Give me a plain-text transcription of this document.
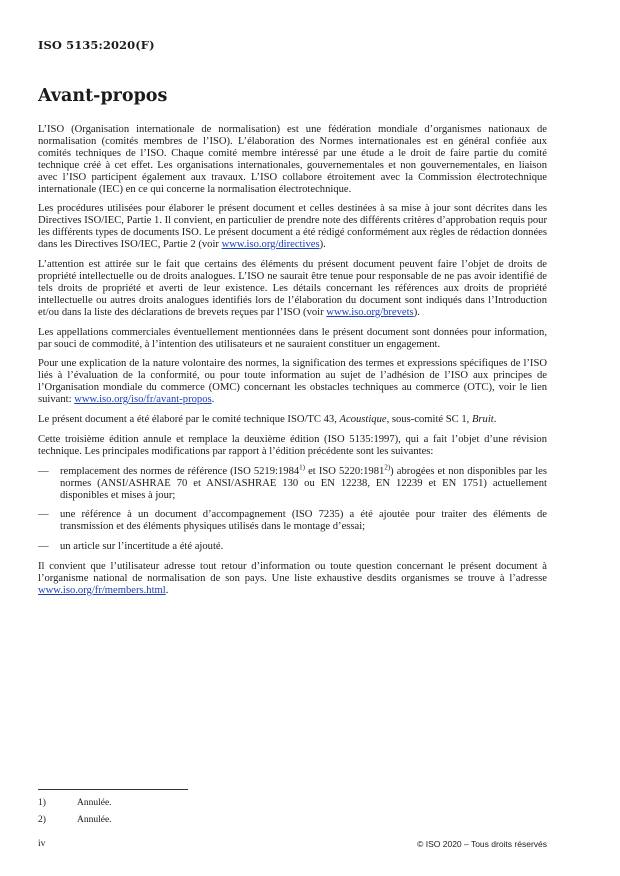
ISO 5135:2020(F)
Avant-propos

L’ISO (Organisation internationale de normalisation) est une fédération mondiale d’organismes nationaux de normalisation (comités membres de l’ISO). L’élaboration des Normes internationales est en général confiée aux comités techniques de l’ISO. Chaque comité membre intéressé par une étude a le droit de faire partie du comité technique créé à cet effet. Les organisations internationales, gouvernementales et non gouvernementales, en liaison avec l’ISO participent également aux travaux. L’ISO collabore étroitement avec la Commission électrotechnique internationale (IEC) en ce qui concerne la normalisation électrotechnique.

Les procédures utilisées pour élaborer le présent document et celles destinées à sa mise à jour sont décrites dans les Directives ISO/IEC, Partie 1. Il convient, en particulier de prendre note des différents critères d’approbation requis pour les différents types de documents ISO. Le présent document a été rédigé conformément aux règles de rédaction données dans les Directives ISO/IEC, Partie 2 (voir www.iso.org/directives).

L’attention est attirée sur le fait que certains des éléments du présent document peuvent faire l’objet de droits de propriété intellectuelle ou de droits analogues. L’ISO ne saurait être tenue pour responsable de ne pas avoir identifié de tels droits de propriété et averti de leur existence. Les détails concernant les références aux droits de propriété intellectuelle ou autres droits analogues identifiés lors de l’élaboration du document sont indiqués dans l’Introduction et/ou dans la liste des déclarations de brevets reçues par l’ISO (voir www.iso.org/brevets).

Les appellations commerciales éventuellement mentionnées dans le présent document sont données pour information, par souci de commodité, à l’intention des utilisateurs et ne sauraient constituer un engagement.

Pour une explication de la nature volontaire des normes, la signification des termes et expressions spécifiques de l’ISO liés à l’évaluation de la conformité, ou pour toute information au sujet de l’adhésion de l’ISO aux principes de l’Organisation mondiale du commerce (OMC) concernant les obstacles techniques au commerce (OTC), voir le lien suivant: www.iso.org/iso/fr/avant-propos.

Le présent document a été élaboré par le comité technique ISO/TC 43, Acoustique, sous-comité SC 1, Bruit.

Cette troisième édition annule et remplace la deuxième édition (ISO 5135:1997), qui a fait l’objet d’une révision technique. Les principales modifications par rapport à l’édition précédente sont les suivantes:

— remplacement des normes de référence (ISO 5219:1984$^{1)}$ et ISO 5220:1981$^{2)}$) abrogées et non disponibles par les normes (ANSI/ASHRAE 70 et ANSI/ASHRAE 130 ou EN 12238, EN 12239 et EN 1751) actuellement disponibles et mises à jour;
— une référence à un document d’accompagnement (ISO 7235) a été ajoutée pour traiter des éléments de transmission et des éléments physiques utilisés dans le montage d’essai;
— un article sur l’incertitude a été ajouté.

Il convient que l’utilisateur adresse tout retour d’information ou toute question concernant le présent document à l’organisme national de normalisation de son pays. Une liste exhaustive desdits organismes se trouve à l’adresse www.iso.org/fr/members.html.

1)	Annulée.
2)	Annulée.
iv	© ISO 2020 – Tous droits réservés
